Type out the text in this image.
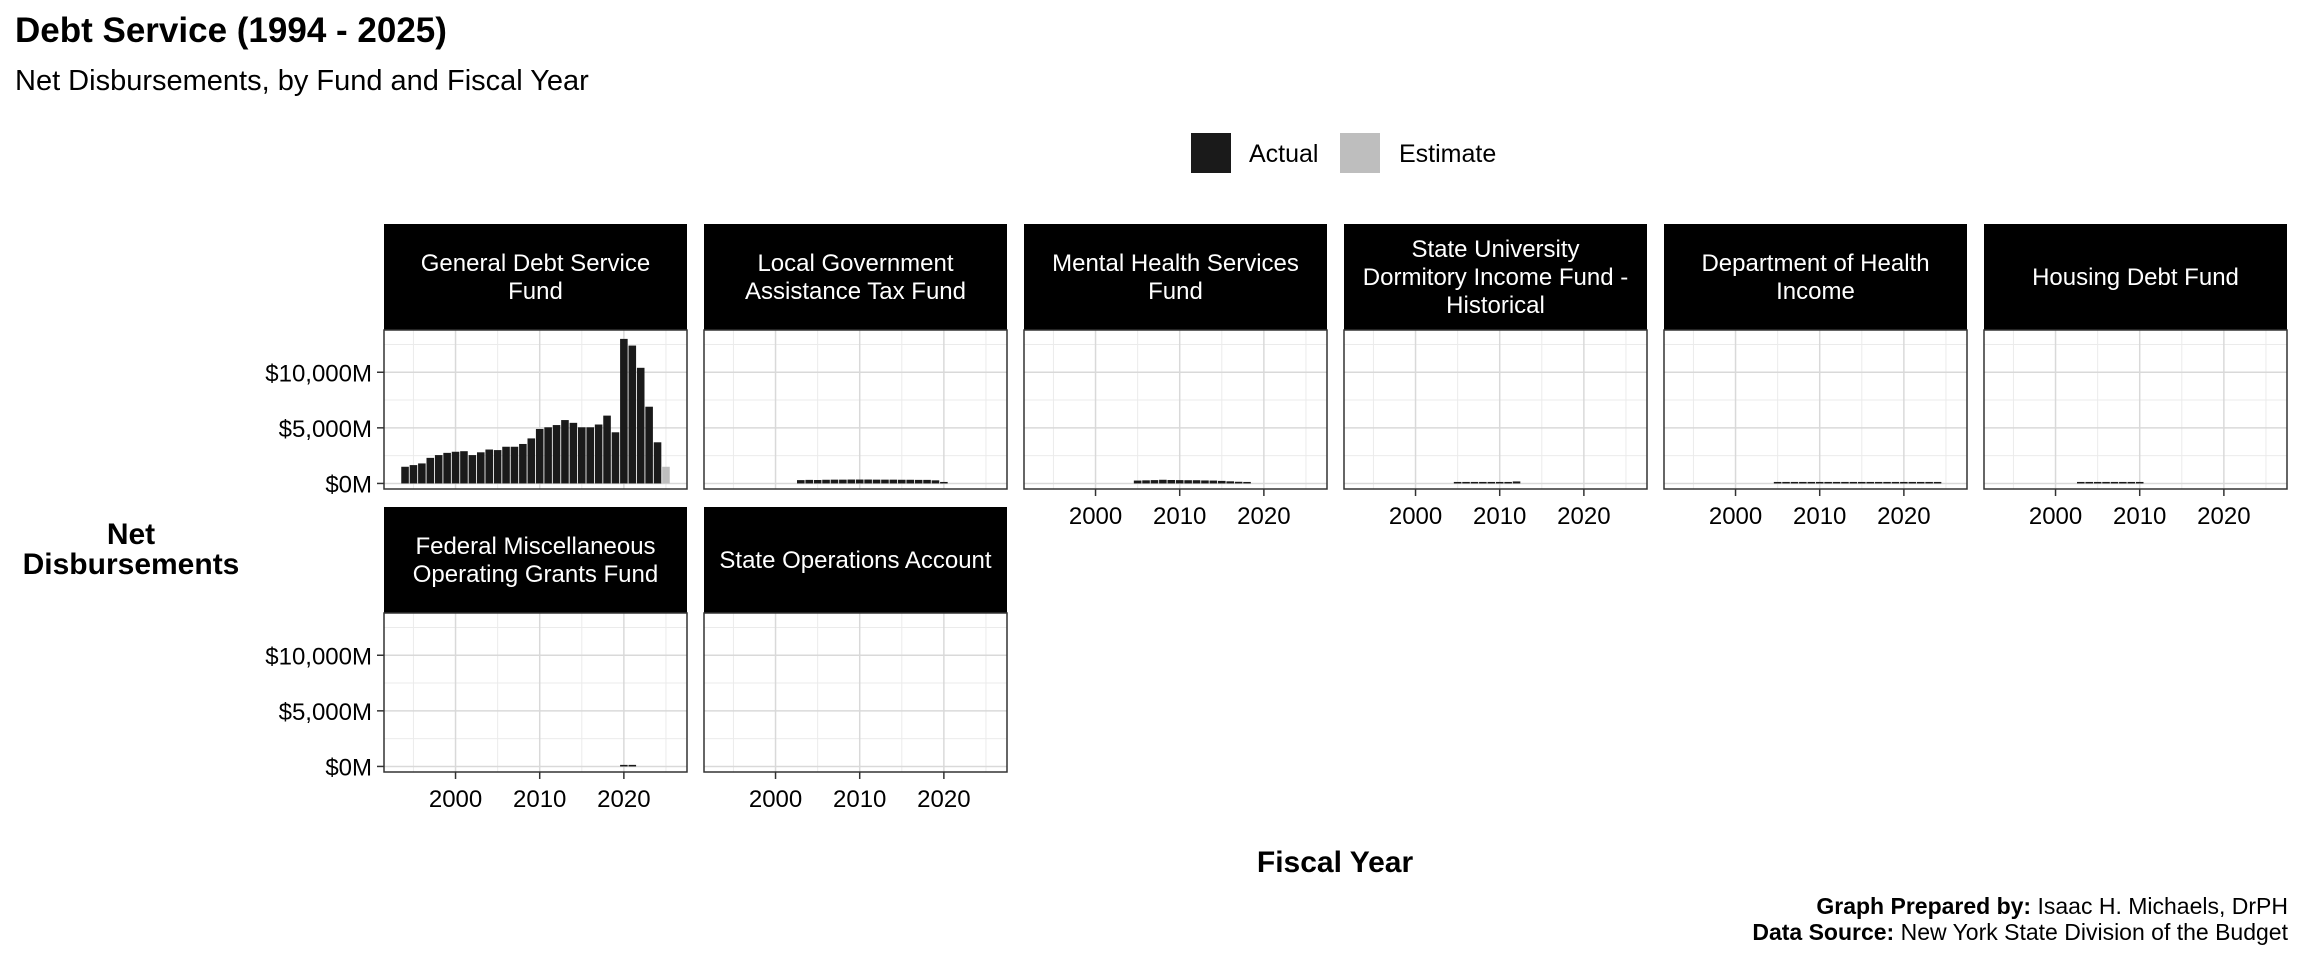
Debt Service (1994 - 2025)
Net Disbursements, by Fund and Fiscal Year
Actual	Estimate
General Debt Service
Fund
$0M
$5,000M
$10,000M
Local Government
Assistance Tax Fund
Mental Health Services
Fund
2000 2010 2020
State University
Dormitory Income Fund -
Historical
2000 2010 2020
Department of Health
Income
2000 2010 2020
Housing Debt Fund
2000 2010 2020
Federal Miscellaneous
Operating Grants Fund
$0M
$5,000M
$10,000M
2000 2010 2020
State Operations Account
2000 2010 2020
Net
Disbursements
Fiscal Year
Graph Prepared by: Isaac H. Michaels, DrPH
Data Source: New York State Division of the Budget
